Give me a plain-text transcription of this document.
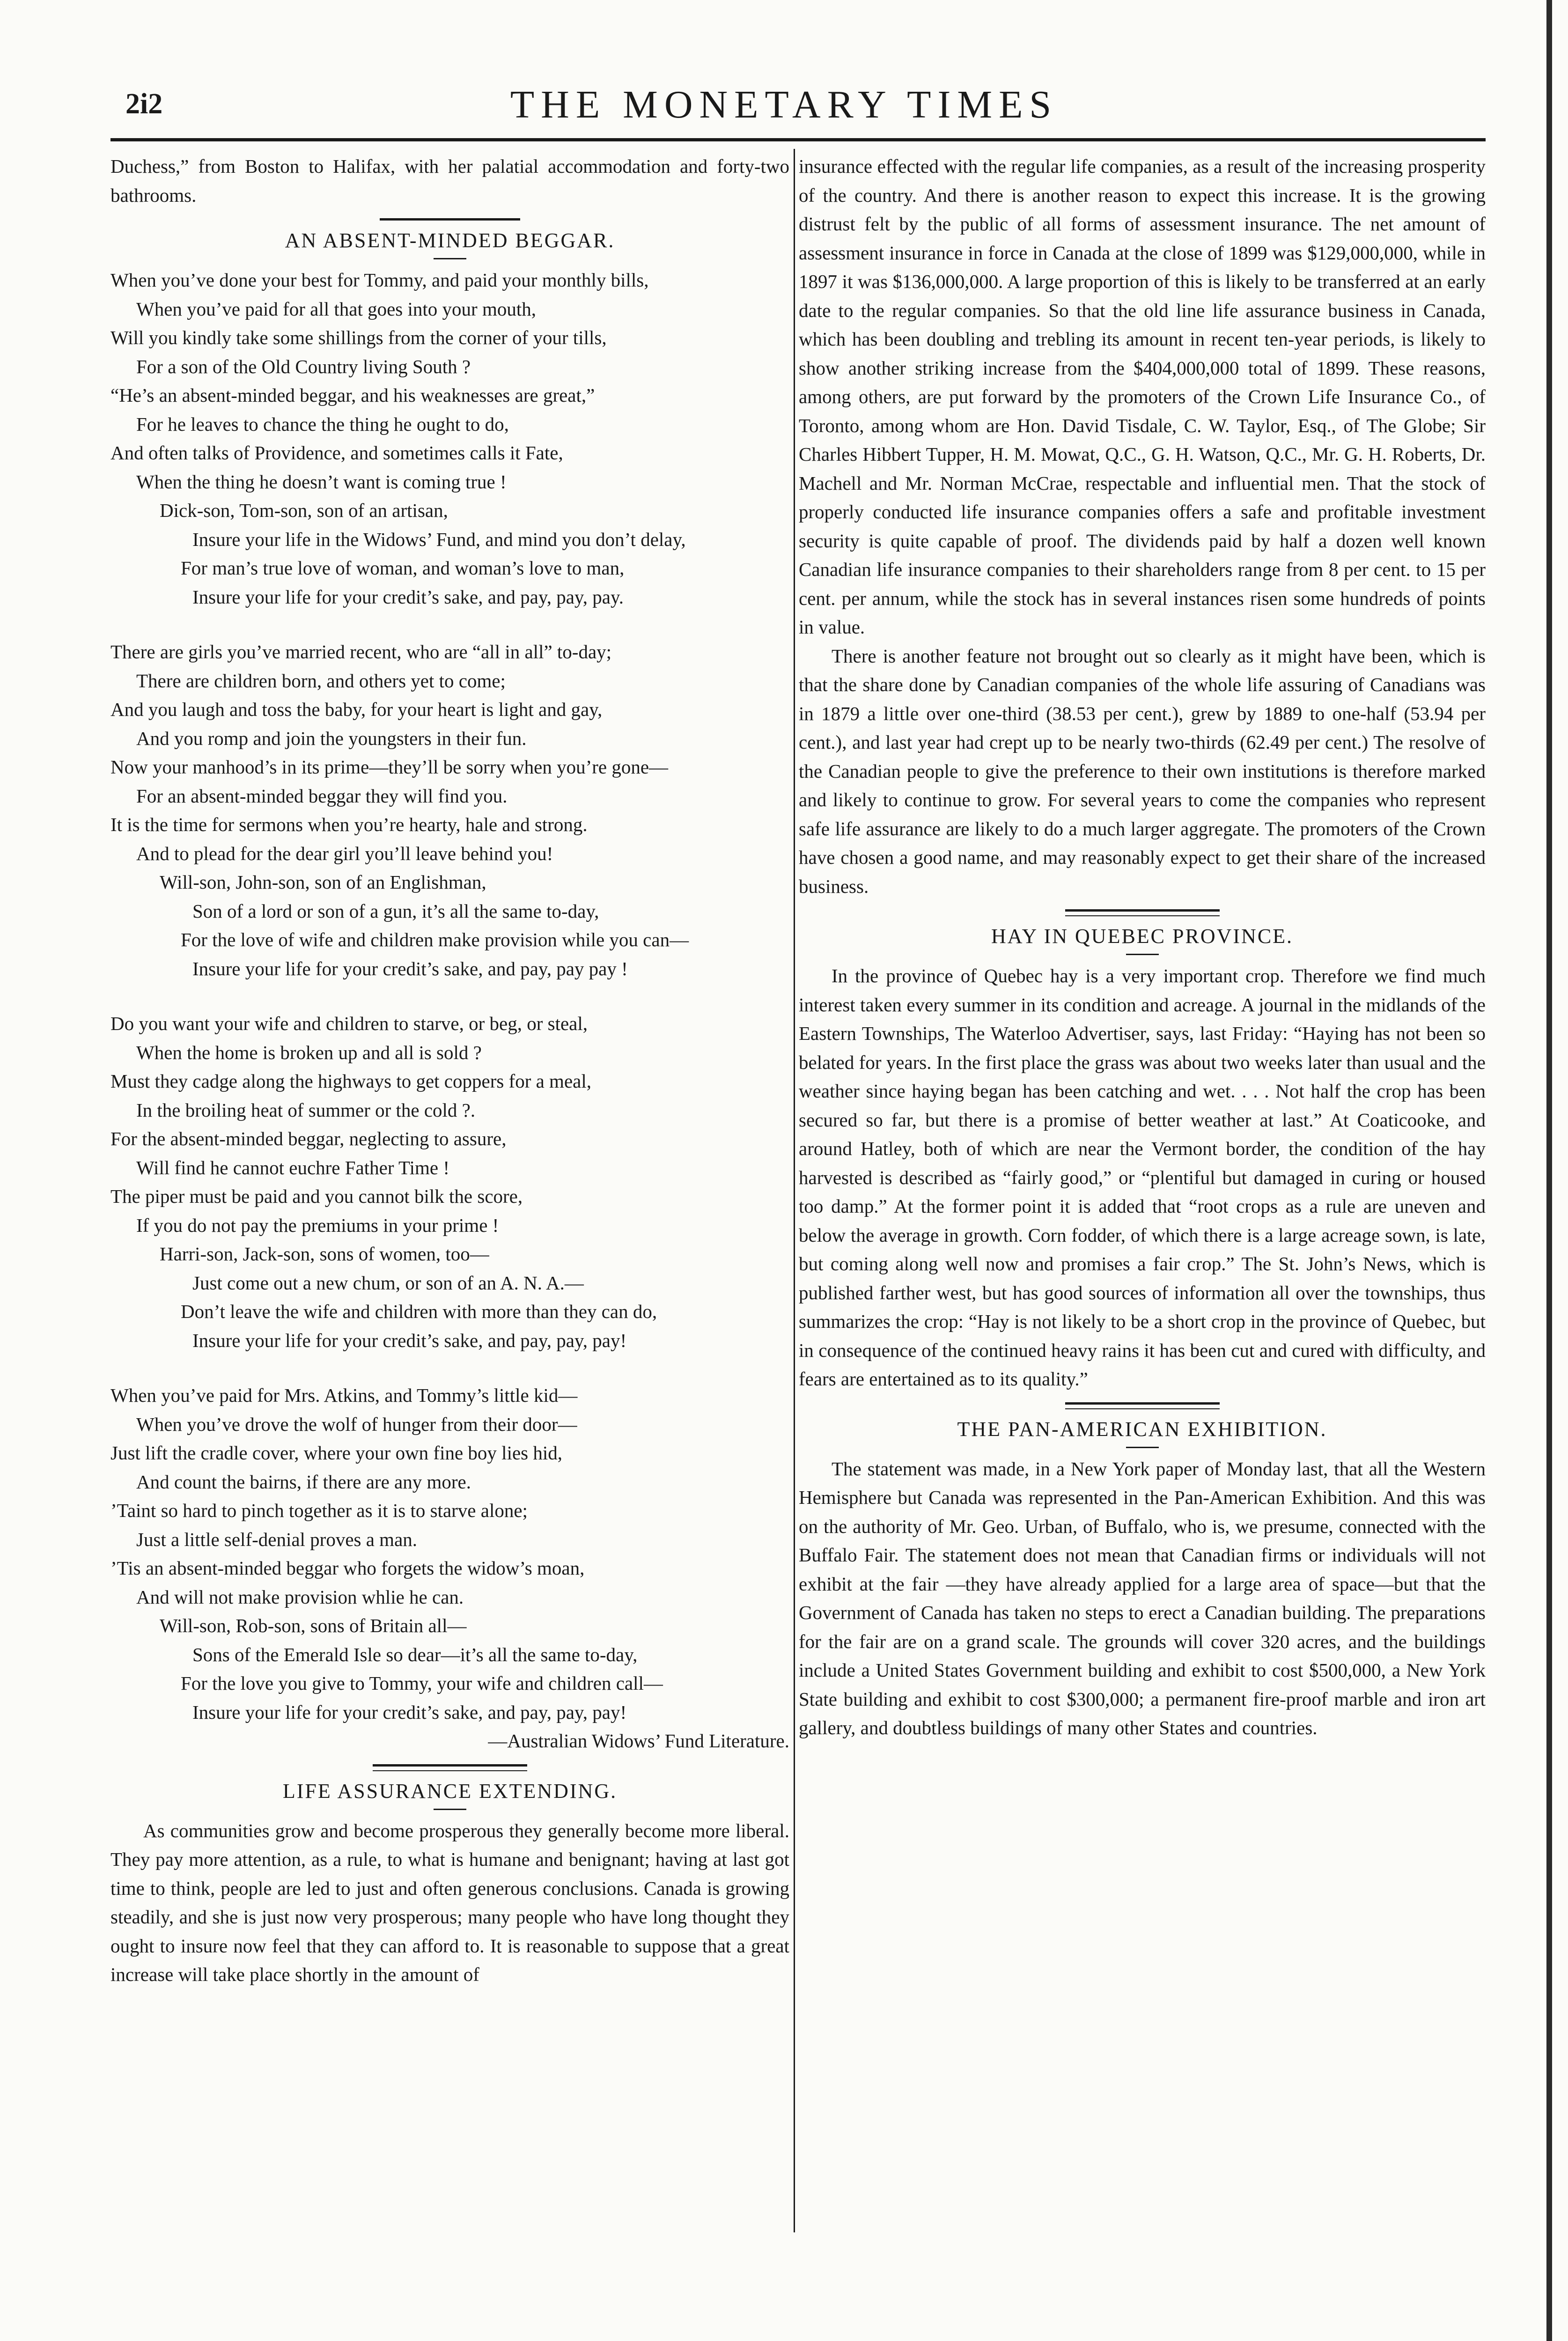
THE MONETARY TIMES
2i2

Duchess,” from Boston to Halifax, with her palatial accommodation and forty-two bathrooms.

AN ABSENT-MINDED BEGGAR.
When you’ve done your best for Tommy, and paid your monthly bills,
When you’ve paid for all that goes into your mouth,
Will you kindly take some shillings from the corner of your tills,
For a son of the Old Country living South ?
“He’s an absent-minded beggar, and his weaknesses are great,”
For he leaves to chance the thing he ought to do,
And often talks of Providence, and sometimes calls it Fate,
When the thing he doesn’t want is coming true !
Dick-son, Tom-son, son of an artisan,
Insure your life in the Widows’ Fund, and mind you don’t delay,
For man’s true love of woman, and woman’s love to man,
Insure your life for your credit’s sake, and pay, pay, pay.
There are girls you’ve married recent, who are “all in all” to-day;
There are children born, and others yet to come;
And you laugh and toss the baby, for your heart is light and gay,
And you romp and join the youngsters in their fun.
Now your manhood’s in its prime—they’ll be sorry when you’re gone—
For an absent-minded beggar they will find you.
It is the time for sermons when you’re hearty, hale and strong.
And to plead for the dear girl you’ll leave behind you!
Will-son, John-son, son of an Englishman,
Son of a lord or son of a gun, it’s all the same to-day,
For the love of wife and children make provision while you can—
Insure your life for your credit’s sake, and pay, pay pay !
Do you want your wife and children to starve, or beg, or steal,
When the home is broken up and all is sold ?
Must they cadge along the highways to get coppers for a meal,
In the broiling heat of summer or the cold ?.
For the absent-minded beggar, neglecting to assure,
Will find he cannot euchre Father Time !
The piper must be paid and you cannot bilk the score,
If you do not pay the premiums in your prime !
Harri-son, Jack-son, sons of women, too—
Just come out a new chum, or son of an A. N. A.—
Don’t leave the wife and children with more than they can do,
Insure your life for your credit’s sake, and pay, pay, pay!
When you’ve paid for Mrs. Atkins, and Tommy’s little kid—
When you’ve drove the wolf of hunger from their door—
Just lift the cradle cover, where your own fine boy lies hid,
And count the bairns, if there are any more.
’Taint so hard to pinch together as it is to starve alone;
Just a little self-denial proves a man.
’Tis an absent-minded beggar who forgets the widow’s moan,
And will not make provision whlie he can.
Will-son, Rob-son, sons of Britain all—
Sons of the Emerald Isle so dear—it’s all the same to-day,
For the love you give to Tommy, your wife and children call—
Insure your life for your credit’s sake, and pay, pay, pay!
—Australian Widows’ Fund Literature.
LIFE ASSURANCE EXTENDING.

As communities grow and become prosperous they generally become more liberal. They pay more attention, as a rule, to what is humane and benignant; having at last got time to think, people are led to just and often generous conclusions. Canada is growing steadily, and she is just now very prosperous; many people who have long thought they ought to insure now feel that they can afford to. It is reasonable to suppose that a great increase will take place shortly in the amount of

insurance effected with the regular life companies, as a result of the increasing prosperity of the country. And there is another reason to expect this increase. It is the growing distrust felt by the public of all forms of assessment insurance. The net amount of assessment insurance in force in Canada at the close of 1899 was $129,000,000, while in 1897 it was $136,000,000. A large proportion of this is likely to be transferred at an early date to the regular companies. So that the old line life assurance business in Canada, which has been doubling and trebling its amount in recent ten-year periods, is likely to show another striking increase from the $404,000,000 total of 1899. These reasons, among others, are put forward by the promoters of the Crown Life Insurance Co., of Toronto, among whom are Hon. David Tisdale, C. W. Taylor, Esq., of The Globe; Sir Charles Hibbert Tupper, H. M. Mowat, Q.C., G. H. Watson, Q.C., Mr. G. H. Roberts, Dr. Machell and Mr. Norman McCrae, respectable and influential men. That the stock of properly conducted life insurance companies offers a safe and profitable investment security is quite capable of proof. The dividends paid by half a dozen well known Canadian life insurance companies to their shareholders range from 8 per cent. to 15 per cent. per annum, while the stock has in several instances risen some hundreds of points in value.

There is another feature not brought out so clearly as it might have been, which is that the share done by Canadian companies of the whole life assuring of Canadians was in 1879 a little over one-third (38.53 per cent.), grew by 1889 to one-half (53.94 per cent.), and last year had crept up to be nearly two-thirds (62.49 per cent.) The resolve of the Canadian people to give the preference to their own institutions is therefore marked and likely to continue to grow. For several years to come the companies who represent safe life assurance are likely to do a much larger aggregate. The promoters of the Crown have chosen a good name, and may reasonably expect to get their share of the increased business.

HAY IN QUEBEC PROVINCE.

In the province of Quebec hay is a very important crop. Therefore we find much interest taken every summer in its condition and acreage. A journal in the midlands of the Eastern Townships, The Waterloo Advertiser, says, last Friday: “Haying has not been so belated for years. In the first place the grass was about two weeks later than usual and the weather since haying began has been catching and wet. . . . Not half the crop has been secured so far, but there is a promise of better weather at last.” At Coaticooke, and around Hatley, both of which are near the Vermont border, the condition of the hay harvested is described as “fairly good,” or “plentiful but damaged in curing or housed too damp.” At the former point it is added that “root crops as a rule are uneven and below the average in growth. Corn fodder, of which there is a large acreage sown, is late, but coming along well now and promises a fair crop.” The St. John’s News, which is published farther west, but has good sources of information all over the townships, thus summarizes the crop: “Hay is not likely to be a short crop in the province of Quebec, but in consequence of the continued heavy rains it has been cut and cured with difficulty, and fears are entertained as to its quality.”

THE PAN-AMERICAN EXHIBITION.

The statement was made, in a New York paper of Monday last, that all the Western Hemisphere but Canada was represented in the Pan-American Exhibition. And this was on the authority of Mr. Geo. Urban, of Buffalo, who is, we presume, connected with the Buffalo Fair. The statement does not mean that Canadian firms or individuals will not exhibit at the fair —they have already applied for a large area of space—but that the Government of Canada has taken no steps to erect a Canadian building. The preparations for the fair are on a grand scale. The grounds will cover 320 acres, and the buildings include a United States Government building and exhibit to cost $500,000, a New York State building and exhibit to cost $300,000; a permanent fire-proof marble and iron art gallery, and doubtless buildings of many other States and countries.
